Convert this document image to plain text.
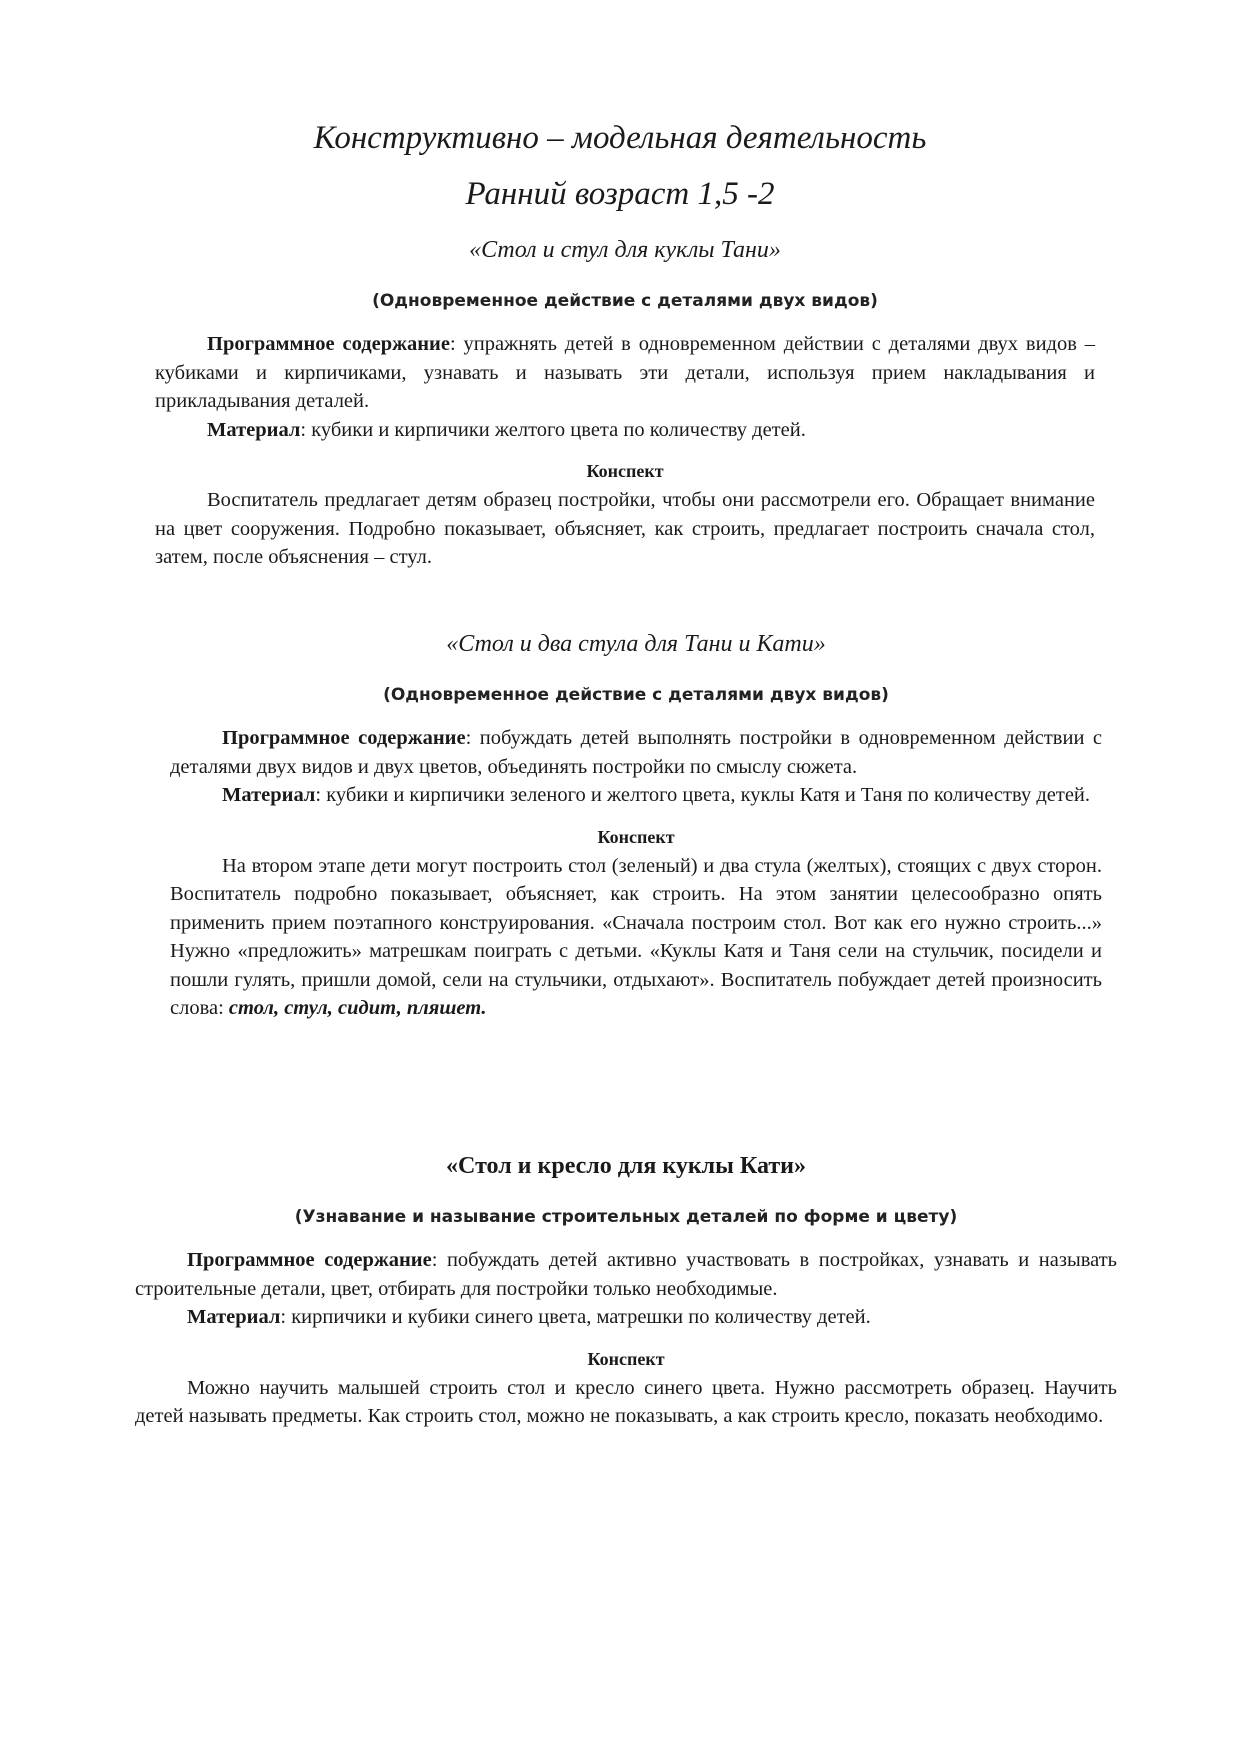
Конструктивно – модельная деятельность
Ранний возраст 1,5 -2
«Стол и стул для куклы Тани»
(Одновременное действие с деталями двух видов)

Программное содержание: упражнять детей в одновременном действии с деталями двух видов – кубиками и кирпичиками, узнавать и называть эти детали, используя прием накладывания и прикладывания деталей.

Материал: кубики и кирпичики желтого цвета по количеству детей.

Конспект

Воспитатель предлагает детям образец постройки, чтобы они рассмотрели его. Обращает внимание на цвет сооружения. Подробно показывает, объясняет, как строить, предлагает построить сначала стол, затем, после объяснения – стул.

«Стол и два стула для Тани и Кати»
(Одновременное действие с деталями двух видов)

Программное содержание: побуждать детей выполнять постройки в одновременном действии с деталями двух видов и двух цветов, объединять постройки по смыслу сюжета.

Материал: кубики и кирпичики зеленого и желтого цвета, куклы Катя и Таня по количеству детей.

Конспект

На втором этапе дети могут построить стол (зеленый) и два стула (желтых), стоящих с двух сторон. Воспитатель подробно показывает, объясняет, как строить. На этом занятии целесообразно опять применить прием поэтапного конструирования. «Сначала построим стол. Вот как его нужно строить...» Нужно «предложить» матрешкам поиграть с детьми. «Куклы Катя и Таня сели на стульчик, посидели и пошли гулять, пришли домой, сели на стульчики, отдыхают». Воспитатель побуждает детей произносить слова: стол, стул, сидит, пляшет.

«Стол и кресло для куклы Кати»
(Узнавание и называние строительных деталей по форме и цвету)

Программное содержание: побуждать детей активно участвовать в постройках, узнавать и называть строительные детали, цвет, отбирать для постройки только необходимые.

Материал: кирпичики и кубики синего цвета, матрешки по количеству детей.

Конспект

Можно научить малышей строить стол и кресло синего цвета. Нужно рассмотреть образец. Научить детей называть предметы. Как строить стол, можно не показывать, а как строить кресло, показать необходимо.
